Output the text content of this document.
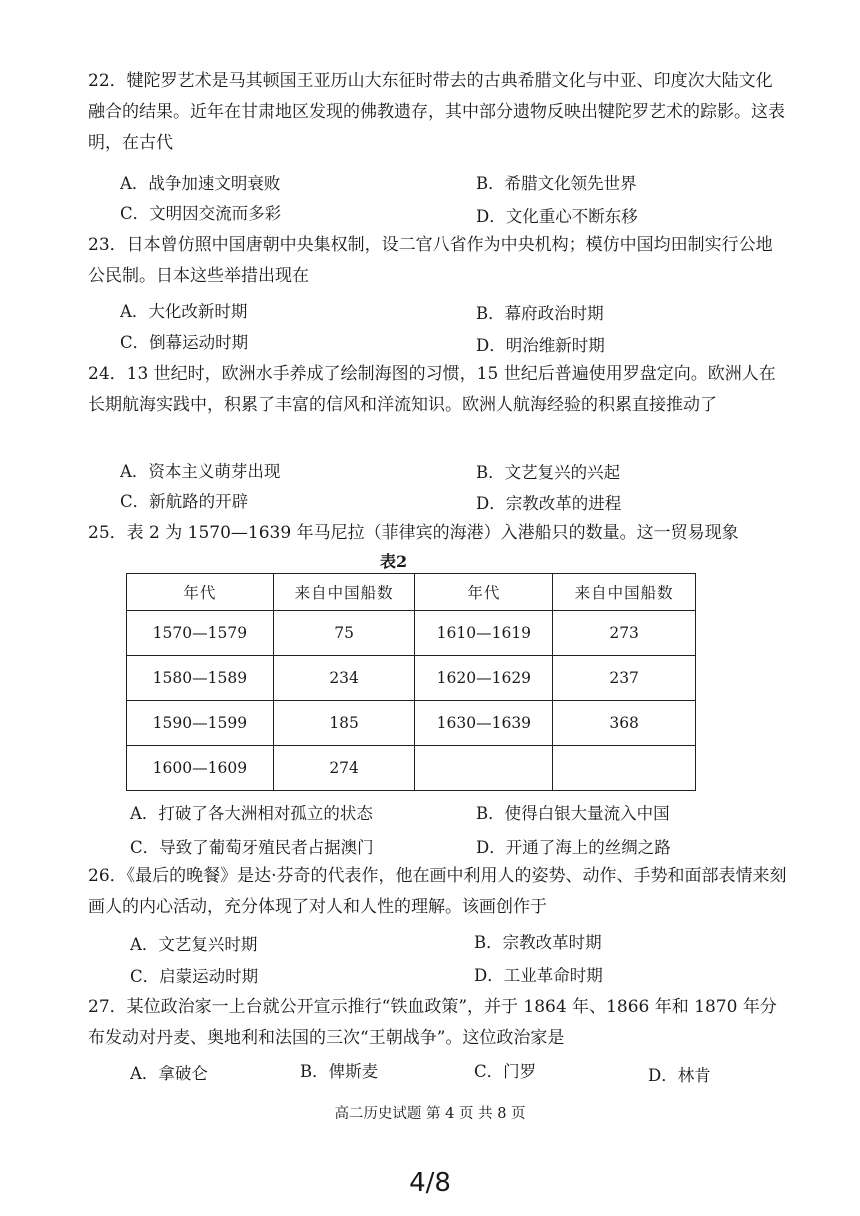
22．犍陀罗艺术是马其顿国王亚历山大东征时带去的古典希腊文化与中亚、印度次大陆文化融合的结果。近年在甘肃地区发现的佛教遗存，其中部分遗物反映出犍陀罗艺术的踪影。这表明，在古代
A．战争加速文明衰败	B．希腊文化领先世界
C．文明因交流而多彩	D．文化重心不断东移
23．日本曾仿照中国唐朝中央集权制，设二官八省作为中央机构；模仿中国均田制实行公地公民制。日本这些举措出现在
A．大化改新时期	B．幕府政治时期
C．倒幕运动时期	D．明治维新时期
24．13 世纪时，欧洲水手养成了绘制海图的习惯，15 世纪后普遍使用罗盘定向。欧洲人在长期航海实践中，积累了丰富的信风和洋流知识。欧洲人航海经验的积累直接推动了
A．资本主义萌芽出现	B．文艺复兴的兴起
C．新航路的开辟	D．宗教改革的进程
25．表 2 为 1570—1639 年马尼拉（菲律宾的海港）入港船只的数量。这一贸易现象
表2
年代	来自中国船数	年代	来自中国船数
1570—1579	75	1610—1619	273
1580—1589	234	1620—1629	237
1590—1599	185	1630—1639	368
1600—1609	274		
A．打破了各大洲相对孤立的状态	B．使得白银大量流入中国
C．导致了葡萄牙殖民者占据澳门	D．开通了海上的丝绸之路
26．《最后的晚餐》是达·芬奇的代表作，他在画中利用人的姿势、动作、手势和面部表情来刻画人的内心活动，充分体现了对人和人性的理解。该画创作于
A．文艺复兴时期	B．宗教改革时期
C．启蒙运动时期	D．工业革命时期
27．某位政治家一上台就公开宣示推行“铁血政策”，并于 1864 年、1866 年和 1870 年分布发动对丹麦、奥地利和法国的三次“王朝战争”。这位政治家是
A．拿破仑	B．俾斯麦	C．门罗	D．林肯
高二历史试题 第 4 页 共 8 页
4/8
